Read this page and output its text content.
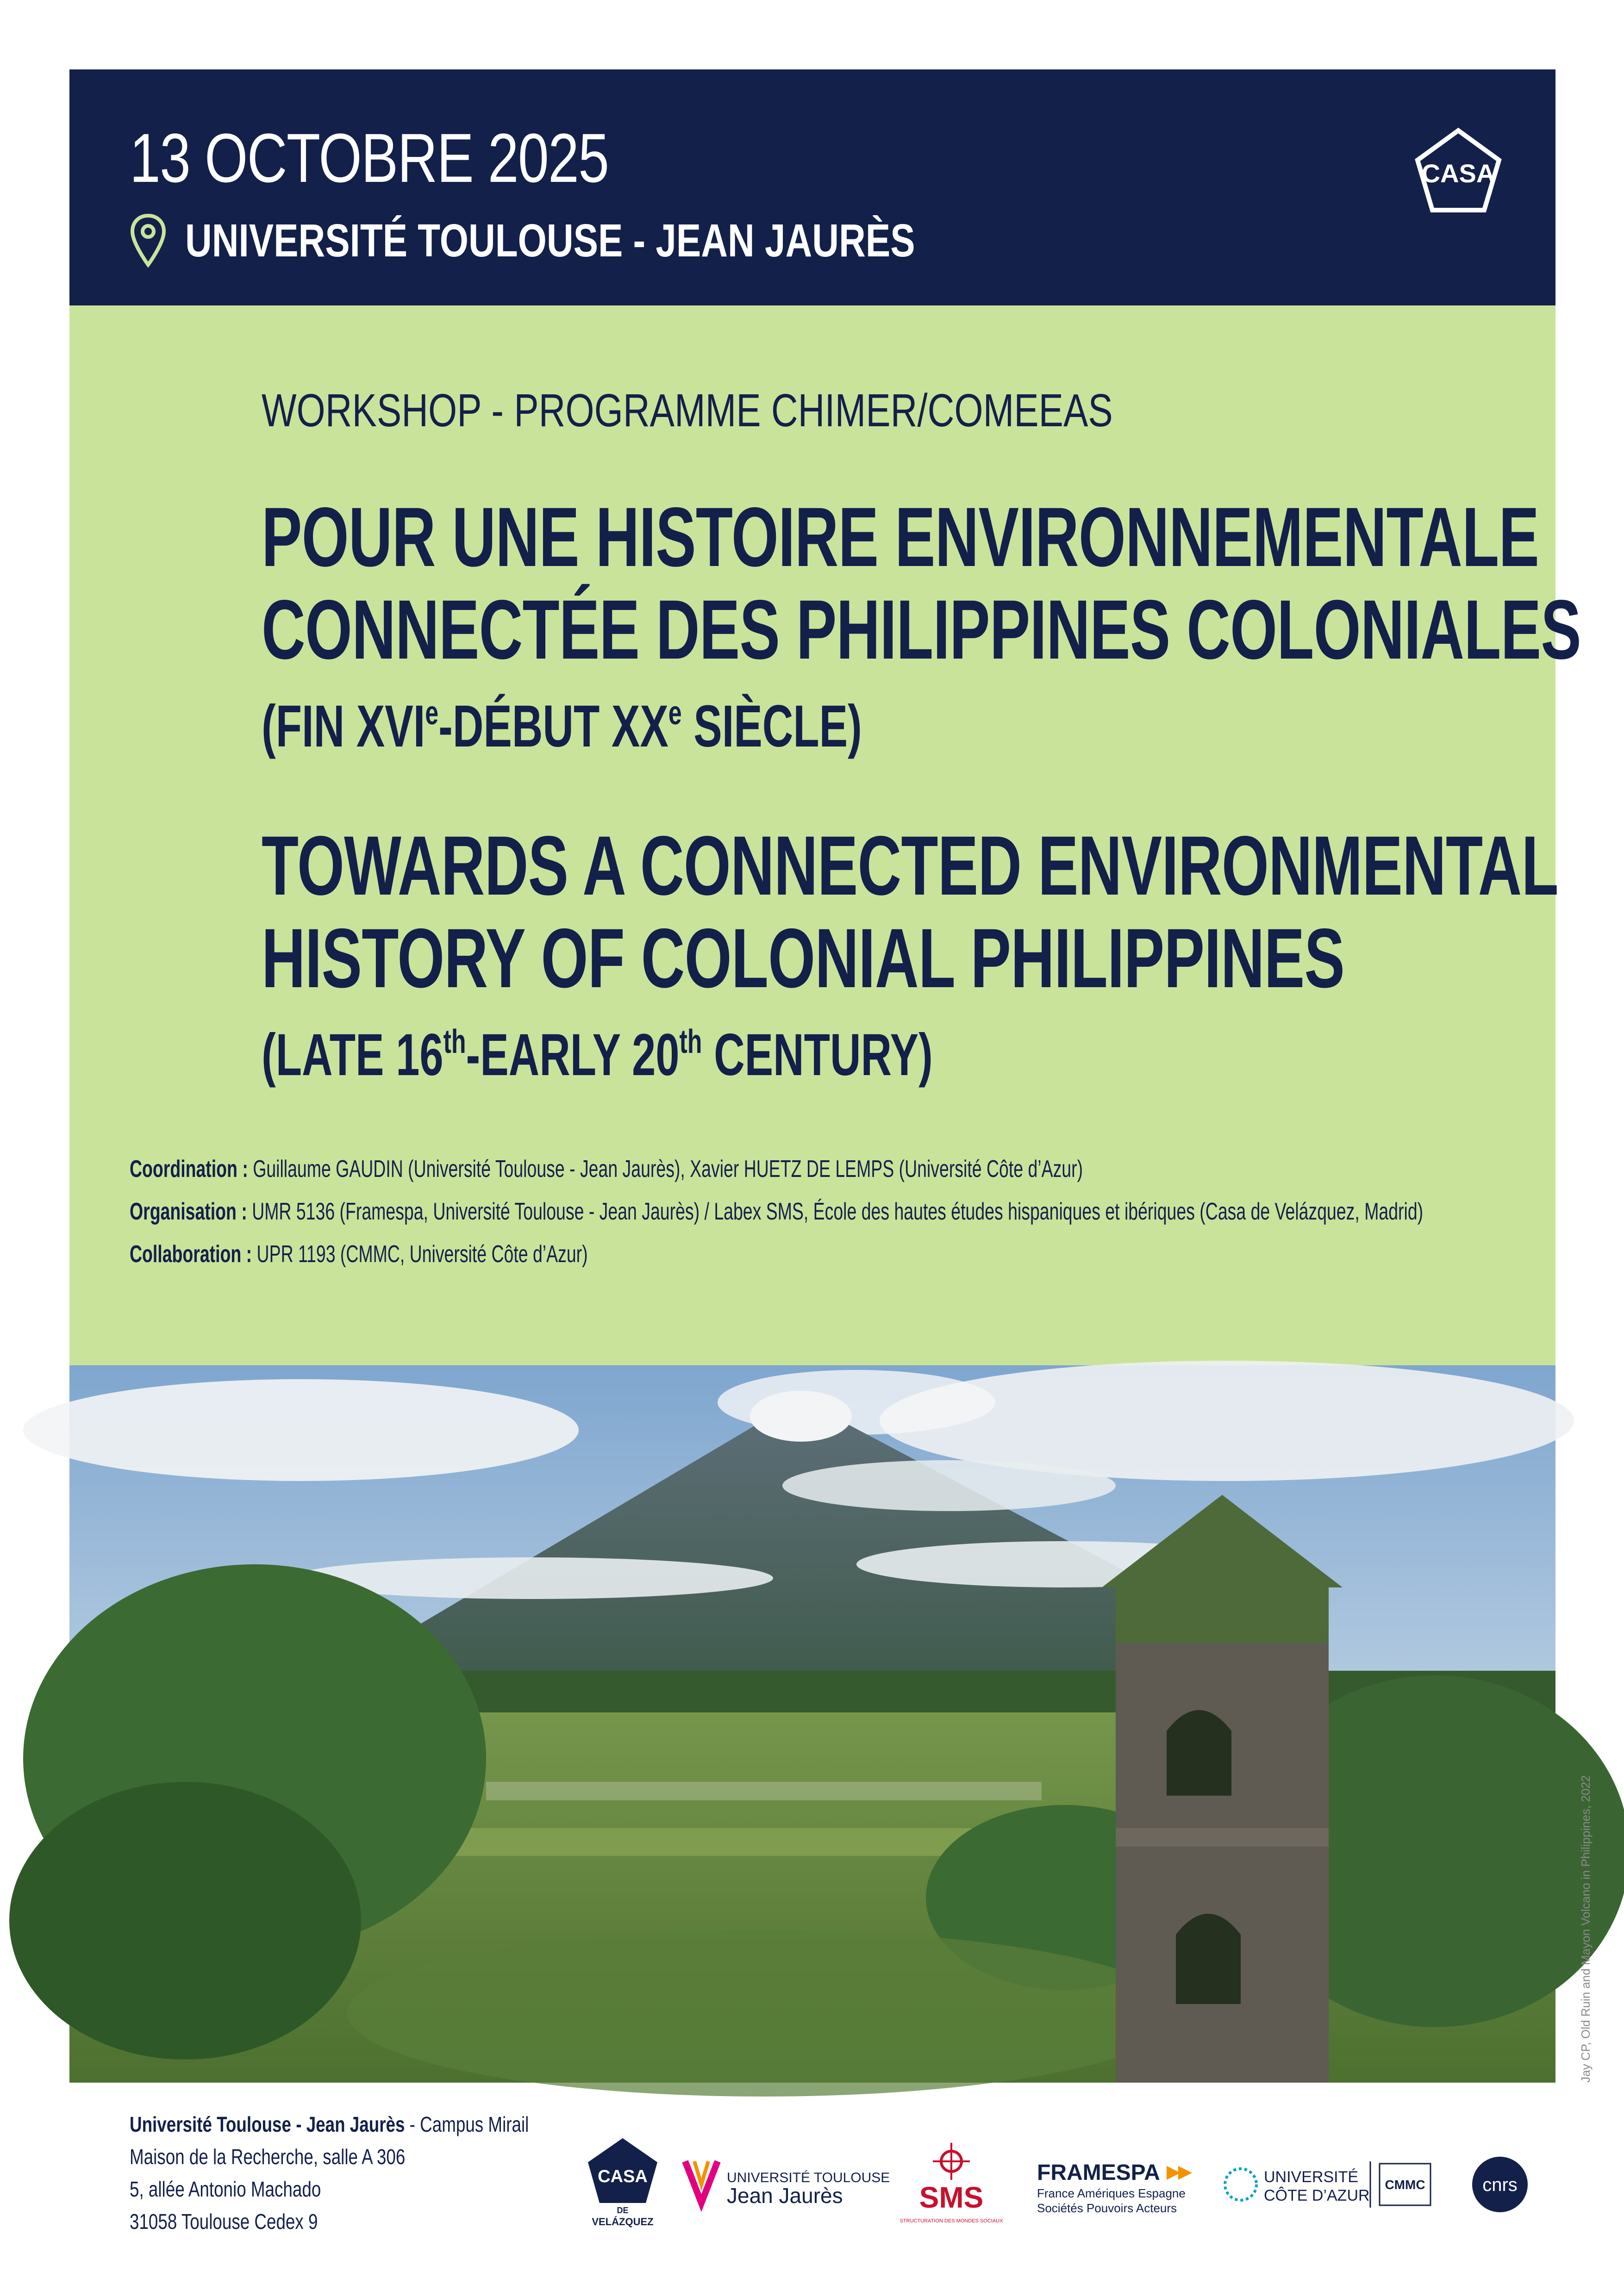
13 OCTOBRE 2025
UNIVERSITÉ TOULOUSE - JEAN JAURÈS
CASA
WORKSHOP - PROGRAMME CHIMER/COMEEAS
POUR UNE HISTOIRE ENVIRONNEMENTALE
CONNECTÉE DES PHILIPPINES COLONIALES
(FIN XVIe-DÉBUT XXe SIÈCLE)
TOWARDS A CONNECTED ENVIRONMENTAL
HISTORY OF COLONIAL PHILIPPINES
(LATE 16th-EARLY 20th CENTURY)
Coordination : Guillaume GAUDIN (Université Toulouse - Jean Jaurès), Xavier HUETZ DE LEMPS (Université Côte d’Azur)
Organisation : UMR 5136 (Framespa, Université Toulouse - Jean Jaurès) / Labex SMS, École des hautes études hispaniques et ibériques (Casa de Velázquez, Madrid)
Collaboration : UPR 1193 (CMMC, Université Côte d’Azur)
Jay CP, Old Ruin and Mayon Volcano in Philippines, 2022
Université Toulouse - Jean Jaurès - Campus Mirail
Maison de la Recherche, salle A 306
5, allée Antonio Machado
31058 Toulouse Cedex 9
CASA
DE
VELÁZQUEZ
UNIVERSITÉ TOULOUSE
Jean Jaurès	SMS
STRUCTURATION DES MONDES SOCIAUX
FRAMESPA
France Amériques Espagne
Sociétés Pouvoirs Acteurs
UNIVERSITÉ
CÔTE D’AZUR
CMMC	cnrs
